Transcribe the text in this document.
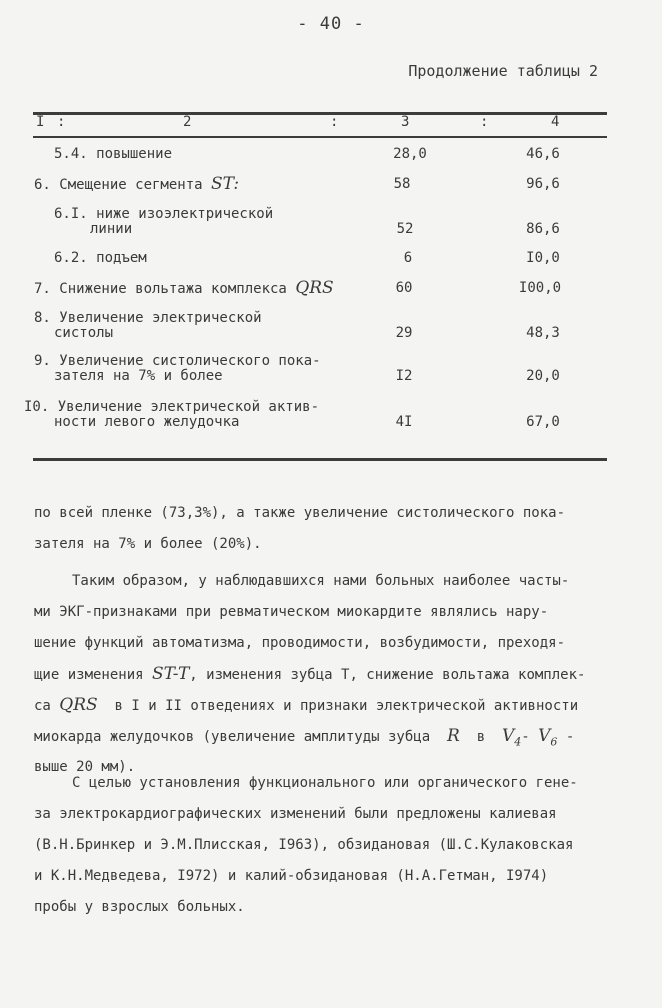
- 40 -
Продолжение таблицы 2
I :	2	:	3	:	4
5.4. повышение	28,0	46,6
6. Смещение сегмента ST:	58	96,6
6.I. ниже изоэлектрической
линии	52	86,6
6.2. подъем	6	I0,0
7. Снижение вольтажа комплекса QRS	60	I00,0
8. Увеличение электрической
систолы	29	48,3
9. Увеличение систолического пока-
зателя на 7% и более	I2	20,0
I0. Увеличение электрической актив-
ности левого желудочка	4I	67,0
по всей пленке (73,3%), а также увеличение систолического пока-
зателя на 7% и более (20%).
Таким образом, у наблюдавшихся нами больных наиболее часты-
ми ЭКГ-признаками при ревматическом миокардите являлись нару-
шение функций автоматизма, проводимости, возбудимости, преходя-
щие изменения ST-T, изменения зубца Т, снижение вольтажа комплек-
са QRS в I и II отведениях и признаки электрической активности
миокарда желудочков (увеличение амплитуды зубца R в $V_4-$ $V_6$ -
выше 20 мм).
С целью установления функционального или органического гене-
за электрокардиографических изменений были предложены калиевая
(В.Н.Бринкер и Э.М.Плисская, I963), обзидановая (Ш.С.Кулаковская
и К.Н.Медведева, I972) и калий-обзидановая (Н.А.Гетман, I974)
пробы у взрослых больных.
